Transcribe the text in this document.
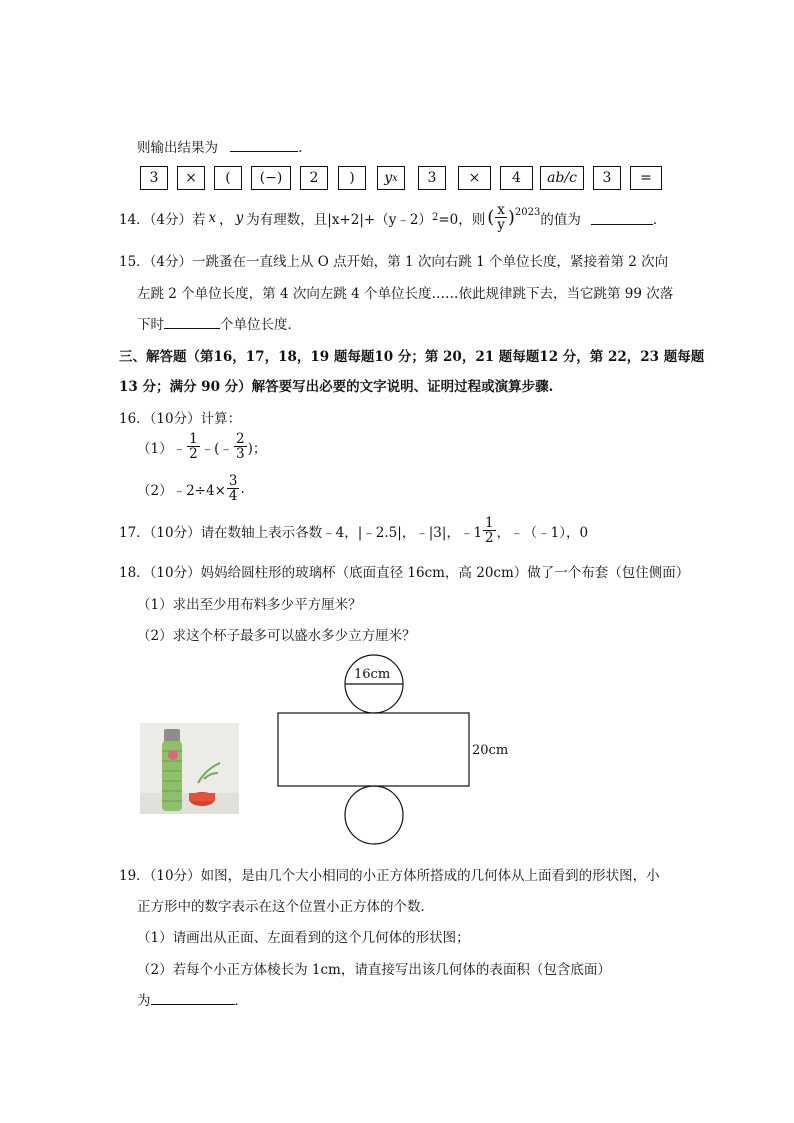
则输出结果为	．
3 × ( (−) 2 ) y x 3 × 4 ab/c 3 =
14．（4分）若 x ， y 为有理数，且|x+2|+（y﹣2） 2 =0，则 ( $\frac{x}{y}$ ) 2023 的值为	．
15．（4分）一跳蚤在一直线上从 O 点开始，第 1 次向右跳 1 个单位长度，紧接着第 2 次向
左跳 2 个单位长度，第 4 次向左跳 4 个单位长度……依此规律跳下去，当它跳第 99 次落
下时	个单位长度．
三、解答题（第16，17，18，19 题每题10 分；第 20，21 题每题12 分，第 22，23 题每题
13 分；满分 90 分）解答要写出必要的文字说明、证明过程或演算步骤.
16．（10分）计算：
（1）﹣ $\frac{1}{2}$ ﹣(﹣ $\frac{2}{3}$ )；
（2）﹣2÷4× $\frac{3}{4}$ .
17．（10分）请在数轴上表示各数﹣4，|﹣2.5|，﹣|3|，﹣1 $\frac{1}{2}$ ，﹣（﹣1），0
18．（10分）妈妈给圆柱形的玻璃杯（底面直径 16cm，高 20cm）做了一个布套（包住侧面）
（1）求出至少用布料多少平方厘米？
（2）求这个杯子最多可以盛水多少立方厘米？
16cm
20cm
19．（10分）如图，是由几个大小相同的小正方体所搭成的几何体从上面看到的形状图，小
正方形中的数字表示在这个位置小正方体的个数．
（1）请画出从正面、左面看到的这个几何体的形状图；
（2）若每个小正方体棱长为 1cm，请直接写出该几何体的表面积（包含底面）
为	．
